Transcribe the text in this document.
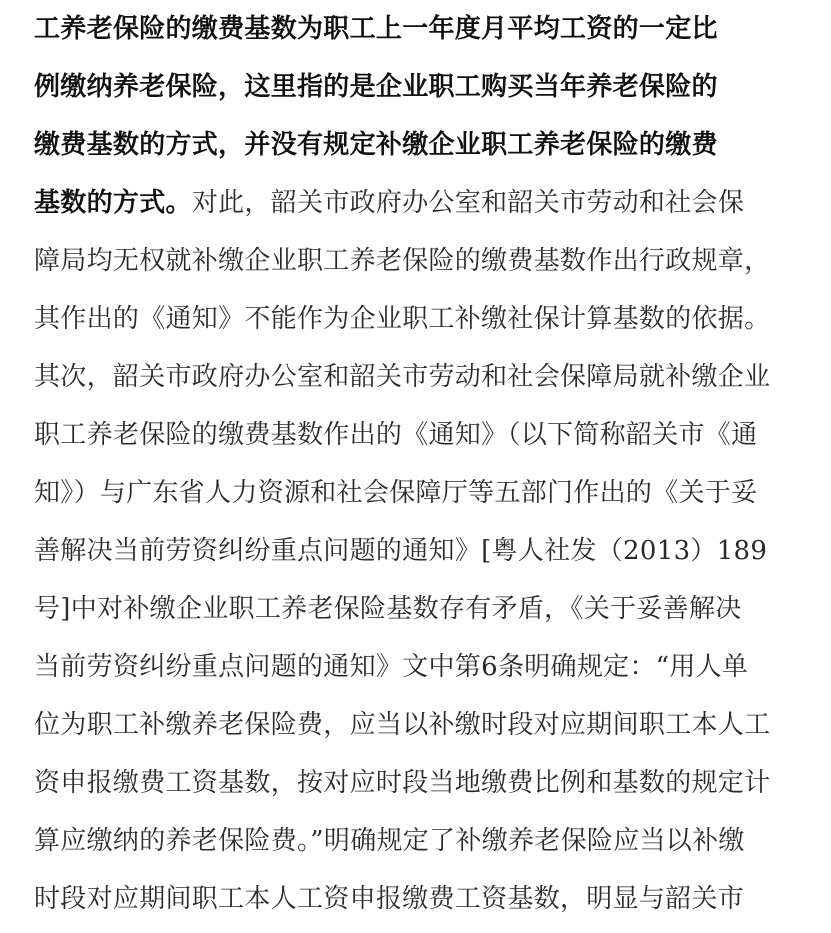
工养老保险的缴费基数为职工上一年度月平均工资的一定比
例缴纳养老保险，这里指的是企业职工购买当年养老保险的
缴费基数的方式，并没有规定补缴企业职工养老保险的缴费
基数的方式。对此，韶关市政府办公室和韶关市劳动和社会保
障局均无权就补缴企业职工养老保险的缴费基数作出行政规章，
其作出的《通知》不能作为企业职工补缴社保计算基数的依据。
其次，韶关市政府办公室和韶关市劳动和社会保障局就补缴企业
职工养老保险的缴费基数作出的《通知》（以下简称韶关市《通
知》）与广东省人力资源和社会保障厅等五部门作出的《关于妥
善解决当前劳资纠纷重点问题的通知》[粤人社发（2013）189
号]中对补缴企业职工养老保险基数存有矛盾，《关于妥善解决
当前劳资纠纷重点问题的通知》文中第6条明确规定：“用人单
位为职工补缴养老保险费，应当以补缴时段对应期间职工本人工
资申报缴费工资基数，按对应时段当地缴费比例和基数的规定计
算应缴纳的养老保险费。”明确规定了补缴养老保险应当以补缴
时段对应期间职工本人工资申报缴费工资基数，明显与韶关市
